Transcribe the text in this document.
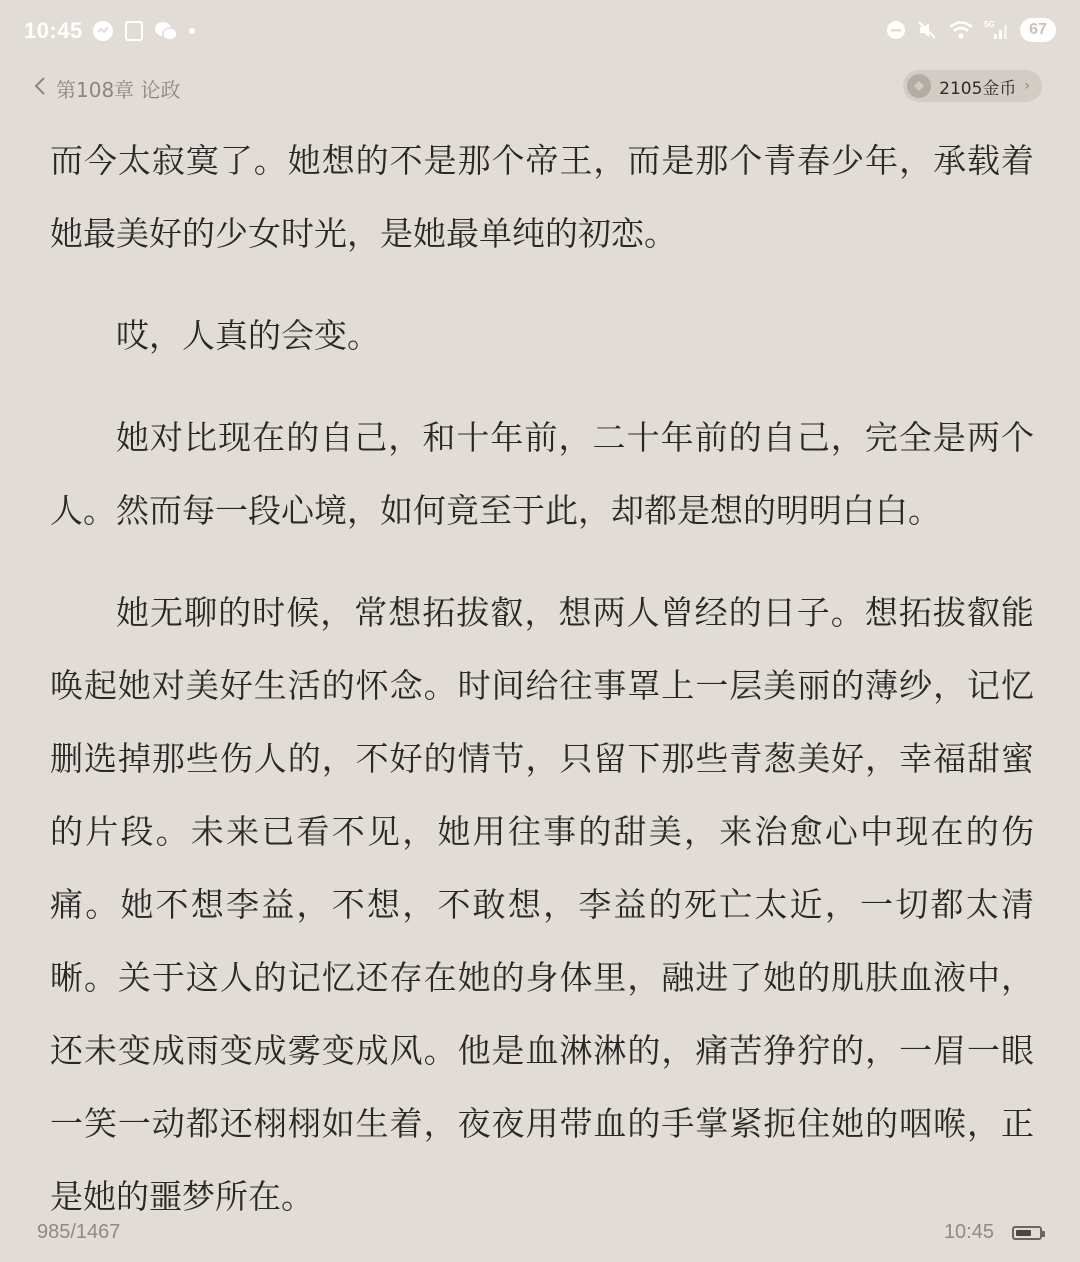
10:45	5G	67
第108章 论政	2105金币 ›

而今太寂寞了。她想的不是那个帝王，而是那个青春少年，承载着她最美好的少女时光，是她最单纯的初恋。

哎，人真的会变。

她对比现在的自己，和十年前，二十年前的自己，完全是两个人。然而每一段心境，如何竟至于此，却都是想的明明白白。

她无聊的时候，常想拓拔叡，想两人曾经的日子。想拓拔叡能唤起她对美好生活的怀念。时间给往事罩上一层美丽的薄纱，记忆删选掉那些伤人的，不好的情节，只留下那些青葱美好，幸福甜蜜的片段。未来已看不见，她用往事的甜美，来治愈心中现在的伤痛。她不想李益，不想，不敢想，李益的死亡太近，一切都太清晰。关于这人的记忆还存在她的身体里，融进了她的肌肤血液中，还未变成雨变成雾变成风。他是血淋淋的，痛苦狰狞的，一眉一眼一笑一动都还栩栩如生着，夜夜用带血的手掌紧扼住她的咽喉，正是她的噩梦所在。

985/1467	10:45
